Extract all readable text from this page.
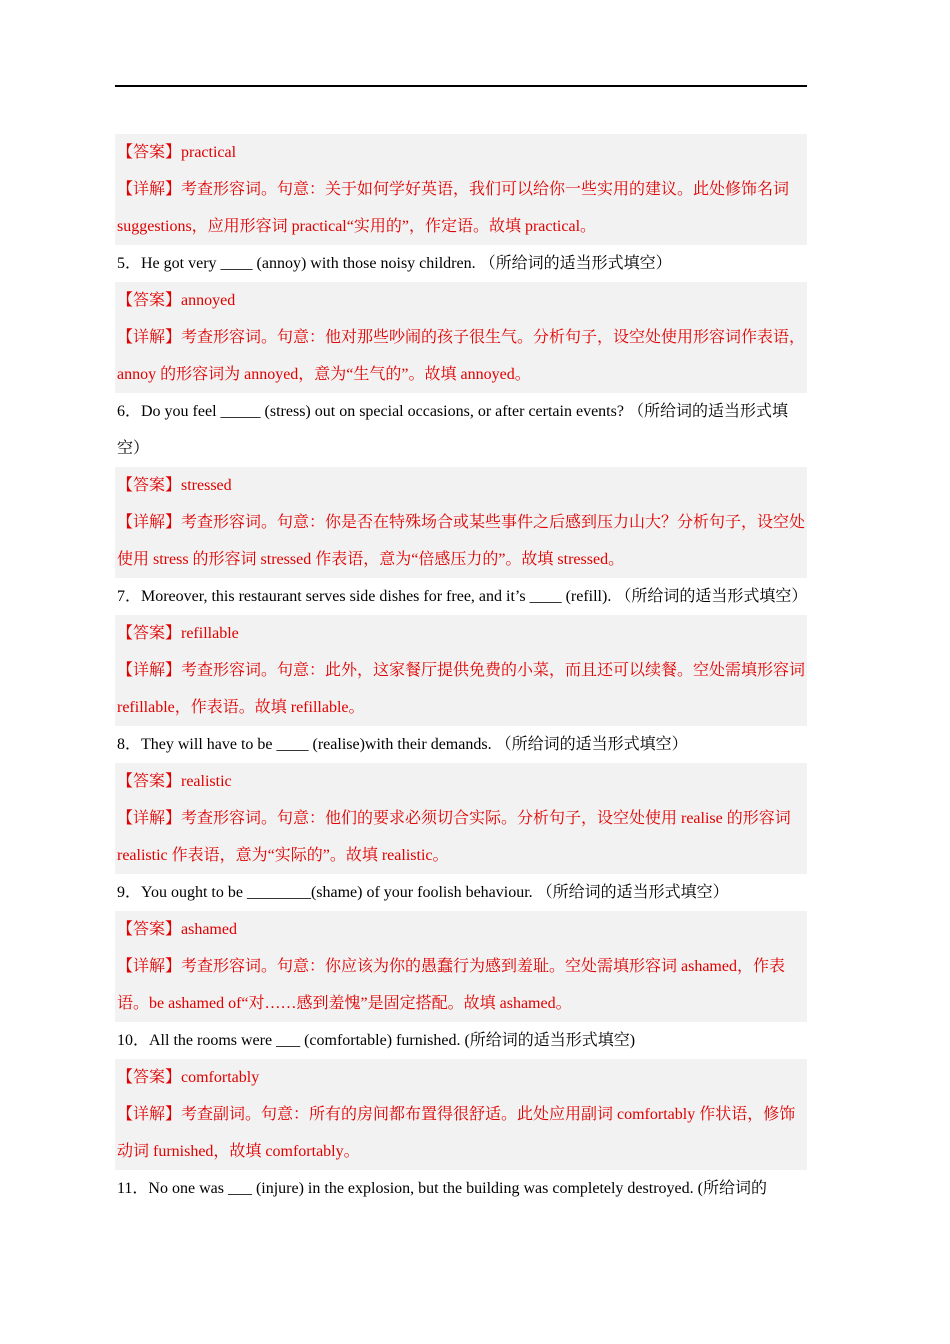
【答案】practical
【详解】考查形容词。句意：关于如何学好英语，我们可以给你一些实用的建议。此处修饰名词 suggestions，应用形容词 practical“实用的”，作定语。故填 practical。
5．He got very ____ (annoy) with those noisy children. （所给词的适当形式填空）
【答案】annoyed
【详解】考查形容词。句意：他对那些吵闹的孩子很生气。分析句子，设空处使用形容词作表语，annoy 的形容词为 annoyed，意为“生气的”。故填 annoyed。
6．Do you feel _____ (stress) out on special occasions, or after certain events? （所给词的适当形式填空）
【答案】stressed
【详解】考查形容词。句意：你是否在特殊场合或某些事件之后感到压力山大？分析句子，设空处使用 stress 的形容词 stressed 作表语，意为“倍感压力的”。故填 stressed。
7．Moreover, this restaurant serves side dishes for free, and it’s ____ (refill). （所给词的适当形式填空）
【答案】refillable
【详解】考查形容词。句意：此外，这家餐厅提供免费的小菜，而且还可以续餐。空处需填形容词 refillable，作表语。故填 refillable。
8．They will have to be ____ (realise)with their demands. （所给词的适当形式填空）
【答案】realistic
【详解】考查形容词。句意：他们的要求必须切合实际。分析句子，设空处使用 realise 的形容词 realistic 作表语，意为“实际的”。故填 realistic。
9．You ought to be ________(shame) of your foolish behaviour. （所给词的适当形式填空）
【答案】ashamed
【详解】考查形容词。句意：你应该为你的愚蠢行为感到羞耻。空处需填形容词 ashamed，作表语。be ashamed of“对……感到羞愧”是固定搭配。故填 ashamed。
10．All the rooms were ___ (comfortable) furnished. (所给词的适当形式填空)
【答案】comfortably
【详解】考查副词。句意：所有的房间都布置得很舒适。此处应用副词 comfortably 作状语，修饰动词 furnished，故填 comfortably。
11．No one was ___ (injure) in the explosion, but the building was completely destroyed. (所给词的
